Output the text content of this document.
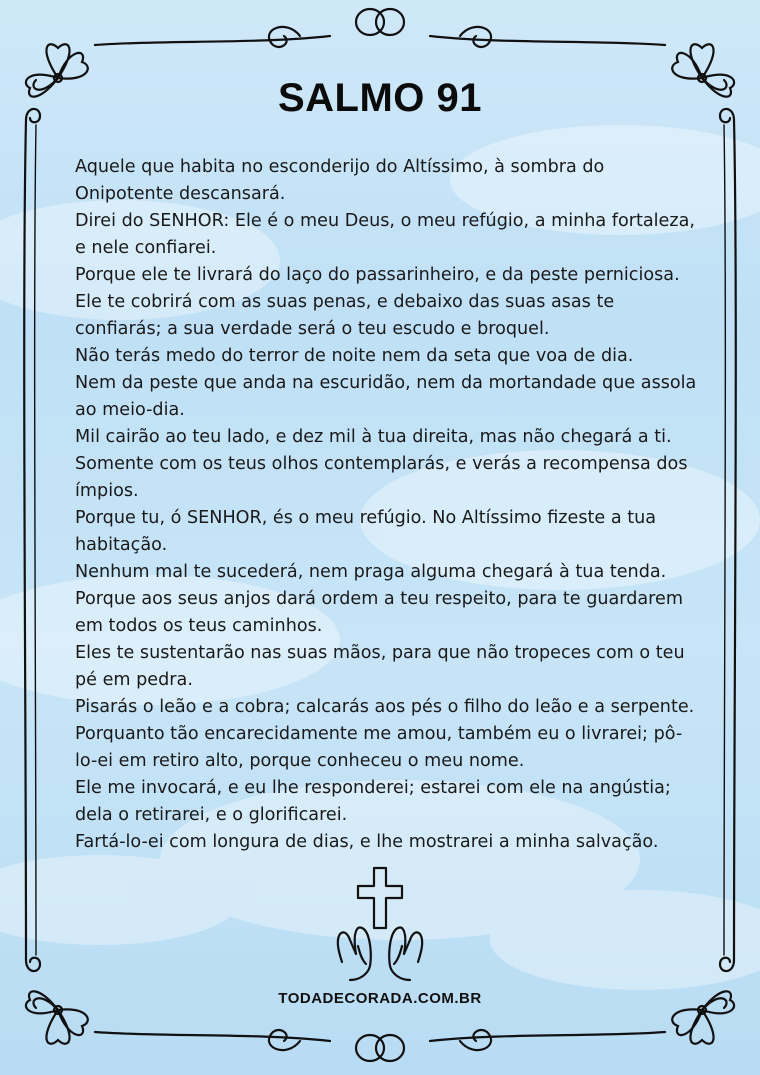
SALMO 91

Aquele que habita no esconderijo do Altíssimo, à sombra do Onipotente descansará.

Direi do SENHOR: Ele é o meu Deus, o meu refúgio, a minha fortaleza, e nele confiarei.

Porque ele te livrará do laço do passarinheiro, e da peste perniciosa.

Ele te cobrirá com as suas penas, e debaixo das suas asas te confiarás; a sua verdade será o teu escudo e broquel.

Não terás medo do terror de noite nem da seta que voa de dia.

Nem da peste que anda na escuridão, nem da mortandade que assola ao meio-dia.

Mil cairão ao teu lado, e dez mil à tua direita, mas não chegará a ti.

Somente com os teus olhos contemplarás, e verás a recompensa dos ímpios.

Porque tu, ó SENHOR, és o meu refúgio. No Altíssimo fizeste a tua habitação.

Nenhum mal te sucederá, nem praga alguma chegará à tua tenda.

Porque aos seus anjos dará ordem a teu respeito, para te guardarem em todos os teus caminhos.

Eles te sustentarão nas suas mãos, para que não tropeces com o teu pé em pedra.

Pisarás o leão e a cobra; calcarás aos pés o filho do leão e a serpente.

Porquanto tão encarecidamente me amou, também eu o livrarei; pô-lo-ei em retiro alto, porque conheceu o meu nome.

Ele me invocará, e eu lhe responderei; estarei com ele na angústia; dela o retirarei, e o glorificarei.

Fartá-lo-ei com longura de dias, e lhe mostrarei a minha salvação.

TODADECORADA.COM.BR
